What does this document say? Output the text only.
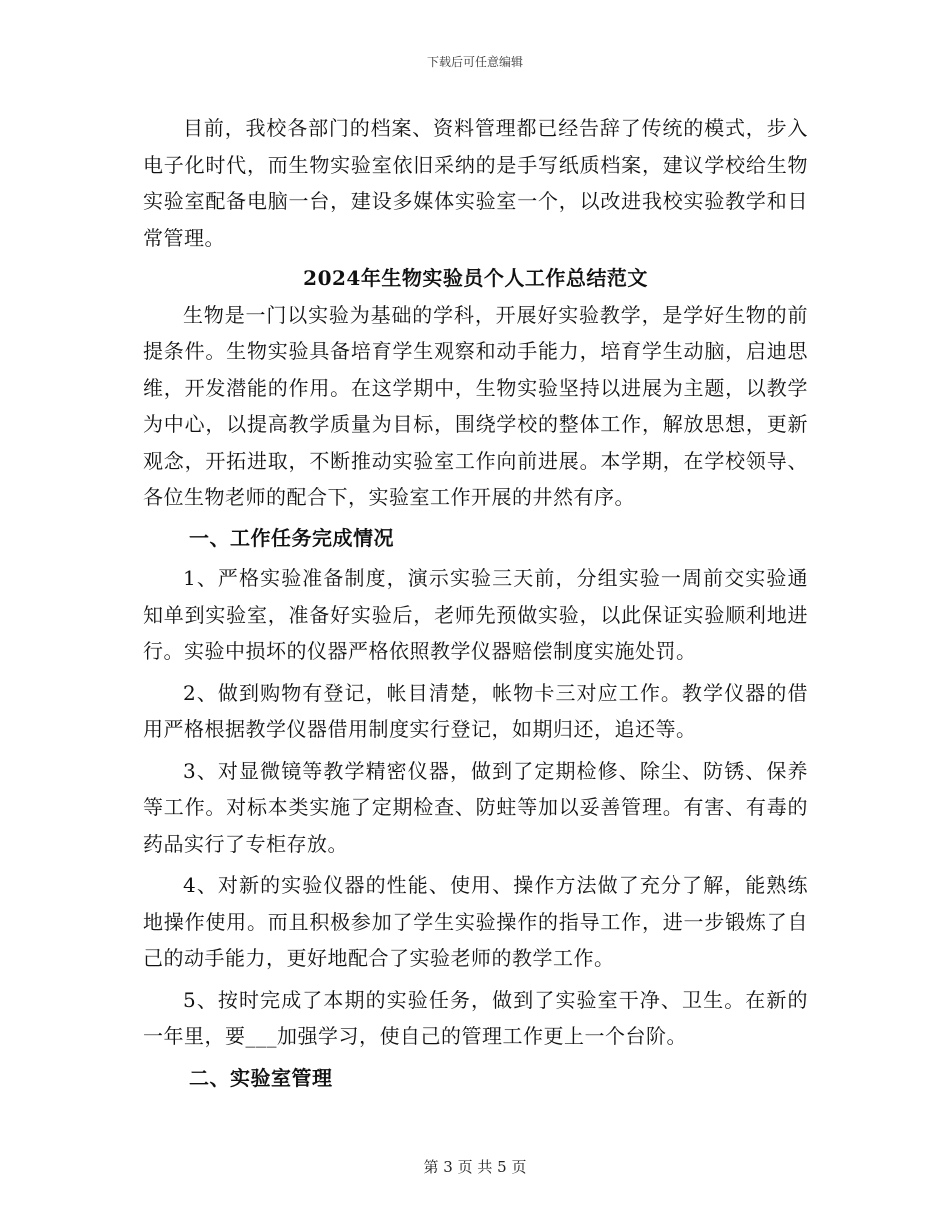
下载后可任意编辑

目前，我校各部门的档案、资料管理都已经告辞了传统的模式，步入电子化时代，而生物实验室依旧采纳的是手写纸质档案，建议学校给生物实验室配备电脑一台，建设多媒体实验室一个，以改进我校实验教学和日常管理。

2024年生物实验员个人工作总结范文

生物是一门以实验为基础的学科，开展好实验教学，是学好生物的前提条件。生物实验具备培育学生观察和动手能力，培育学生动脑，启迪思维，开发潜能的作用。在这学期中，生物实验坚持以进展为主题，以教学为中心，以提高教学质量为目标，围绕学校的整体工作，解放思想，更新观念，开拓进取，不断推动实验室工作向前进展。本学期，在学校领导、各位生物老师的配合下，实验室工作开展的井然有序。

一、工作任务完成情况

1、严格实验准备制度，演示实验三天前，分组实验一周前交实验通知单到实验室，准备好实验后，老师先预做实验，以此保证实验顺利地进行。实验中损坏的仪器严格依照教学仪器赔偿制度实施处罚。

2、做到购物有登记，帐目清楚，帐物卡三对应工作。教学仪器的借用严格根据教学仪器借用制度实行登记，如期归还，追还等。

3、对显微镜等教学精密仪器，做到了定期检修、除尘、防锈、保养等工作。对标本类实施了定期检查、防蛀等加以妥善管理。有害、有毒的药品实行了专柜存放。

4、对新的实验仪器的性能、使用、操作方法做了充分了解，能熟练地操作使用。而且积极参加了学生实验操作的指导工作，进一步锻炼了自己的动手能力，更好地配合了实验老师的教学工作。

5、按时完成了本期的实验任务，做到了实验室干净、卫生。在新的一年里，要___加强学习，使自己的管理工作更上一个台阶。

二、实验室管理
第 3 页 共 5 页
